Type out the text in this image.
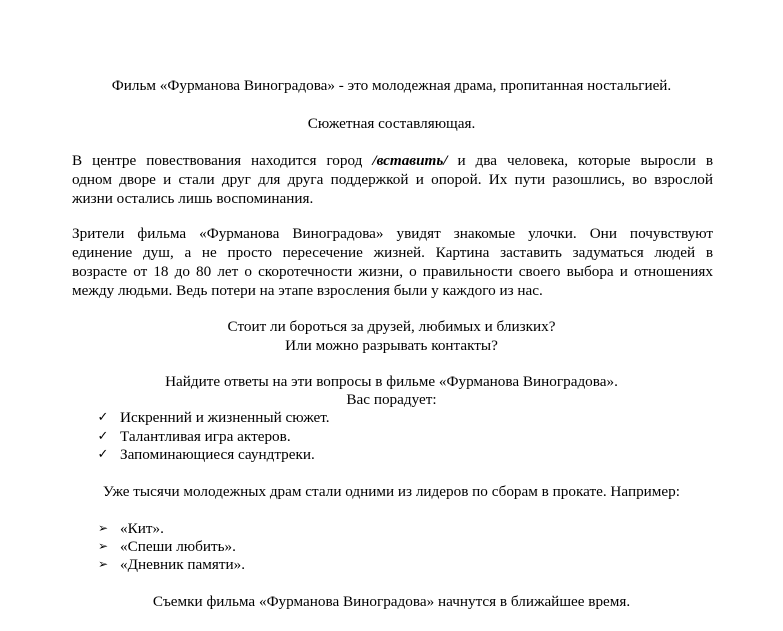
Фильм «Фурманова Виноградова» - это молодежная драма, пропитанная ностальгией.
Сюжетная составляющая.
В центре повествования находится город /вставить/ и два человека, которые выросли в
одном дворе и стали друг для друга поддержкой и опорой. Их пути разошлись, во взрослой
жизни остались лишь воспоминания.
Зрители фильма «Фурманова Виноградова» увидят знакомые улочки. Они почувствуют
единение душ, а не просто пересечение жизней. Картина заставить задуматься людей в
возрасте от 18 до 80 лет о скоротечности жизни, о правильности своего выбора и отношениях
между людьми. Ведь потери на этапе взросления были у каждого из нас.
Стоит ли бороться за друзей, любимых и близких?
Или можно разрывать контакты?
Найдите ответы на эти вопросы в фильме «Фурманова Виноградова».
Вас порадует:
✓ Искренний и жизненный сюжет.
✓ Талантливая игра актеров.
✓ Запоминающиеся саундтреки.
Уже тысячи молодежных драм стали одними из лидеров по сборам в прокате. Например:
➢ «Кит».
➢ «Спеши любить».
➢ «Дневник памяти».
Съемки фильма «Фурманова Виноградова» начнутся в ближайшее время.
